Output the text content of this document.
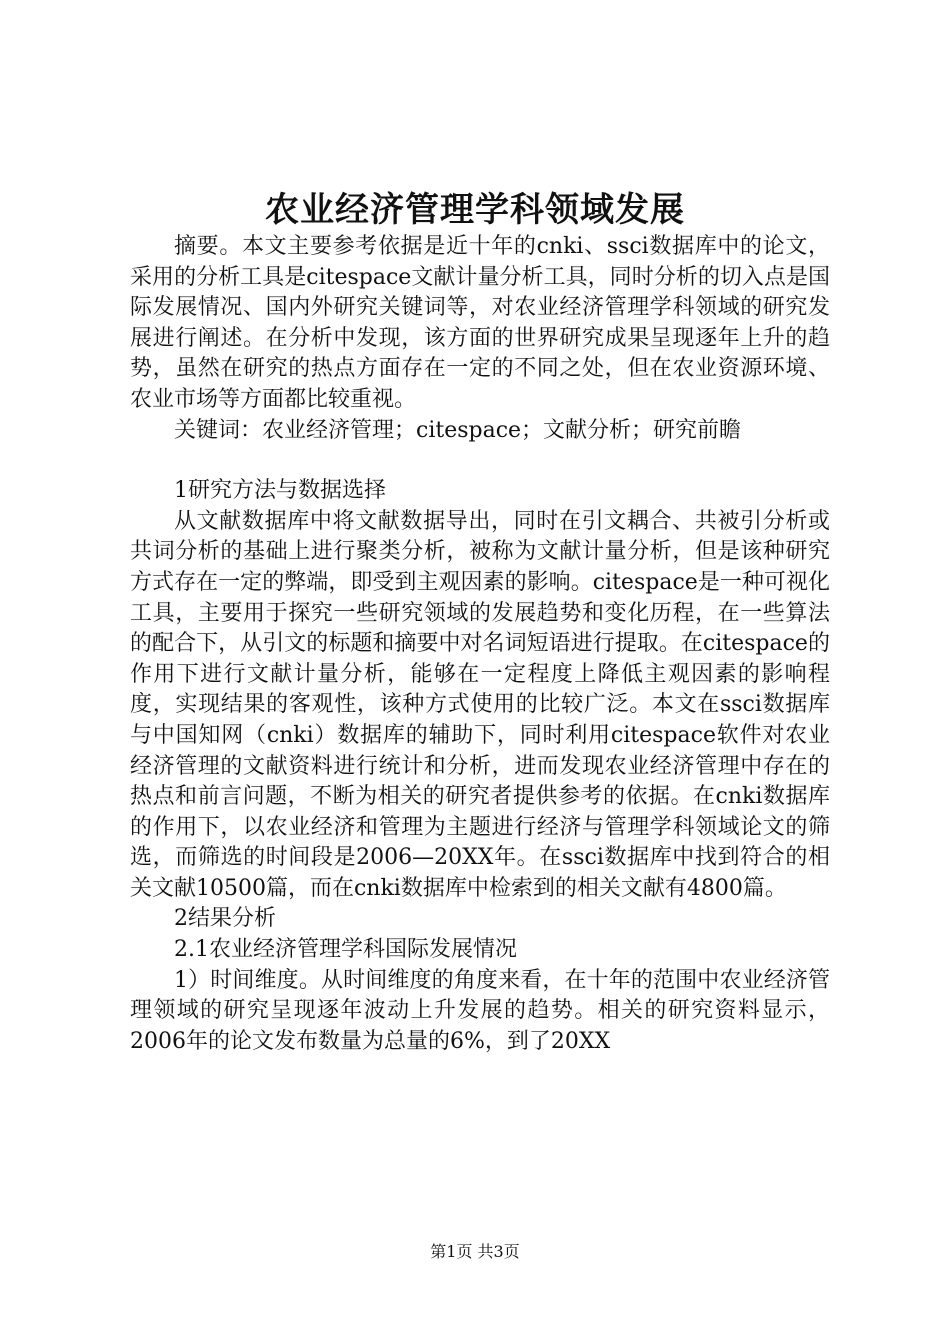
农业经济管理学科领域发展

摘要。本文主要参考依据是近十年的cnki、ssci数据库中的论文，采用的分析工具是citespace文献计量分析工具，同时分析的切入点是国际发展情况、国内外研究关键词等，对农业经济管理学科领域的研究发展进行阐述。在分析中发现，该方面的世界研究成果呈现逐年上升的趋势，虽然在研究的热点方面存在一定的不同之处，但在农业资源环境、农业市场等方面都比较重视。

关键词：农业经济管理；citespace；文献分析；研究前瞻

1研究方法与数据选择

从文献数据库中将文献数据导出，同时在引文耦合、共被引分析或共词分析的基础上进行聚类分析，被称为文献计量分析，但是该种研究方式存在一定的弊端，即受到主观因素的影响。citespace是一种可视化工具，主要用于探究一些研究领域的发展趋势和变化历程，在一些算法的配合下，从引文的标题和摘要中对名词短语进行提取。在citespace的作用下进行文献计量分析，能够在一定程度上降低主观因素的影响程度，实现结果的客观性，该种方式使用的比较广泛。本文在ssci数据库与中国知网（cnki）数据库的辅助下，同时利用citespace软件对农业经济管理的文献资料进行统计和分析，进而发现农业经济管理中存在的热点和前言问题，不断为相关的研究者提供参考的依据。在cnki数据库的作用下，以农业经济和管理为主题进行经济与管理学科领域论文的筛选，而筛选的时间段是2006—20XX年。在ssci数据库中找到符合的相关文献10500篇，而在cnki数据库中检索到的相关文献有4800篇。

2结果分析

2.1农业经济管理学科国际发展情况

1）时间维度。从时间维度的角度来看，在十年的范围中农业经济管理领域的研究呈现逐年波动上升发展的趋势。相关的研究资料显示，2006年的论文发布数量为总量的6%，到了20XX

第1页 共3页
